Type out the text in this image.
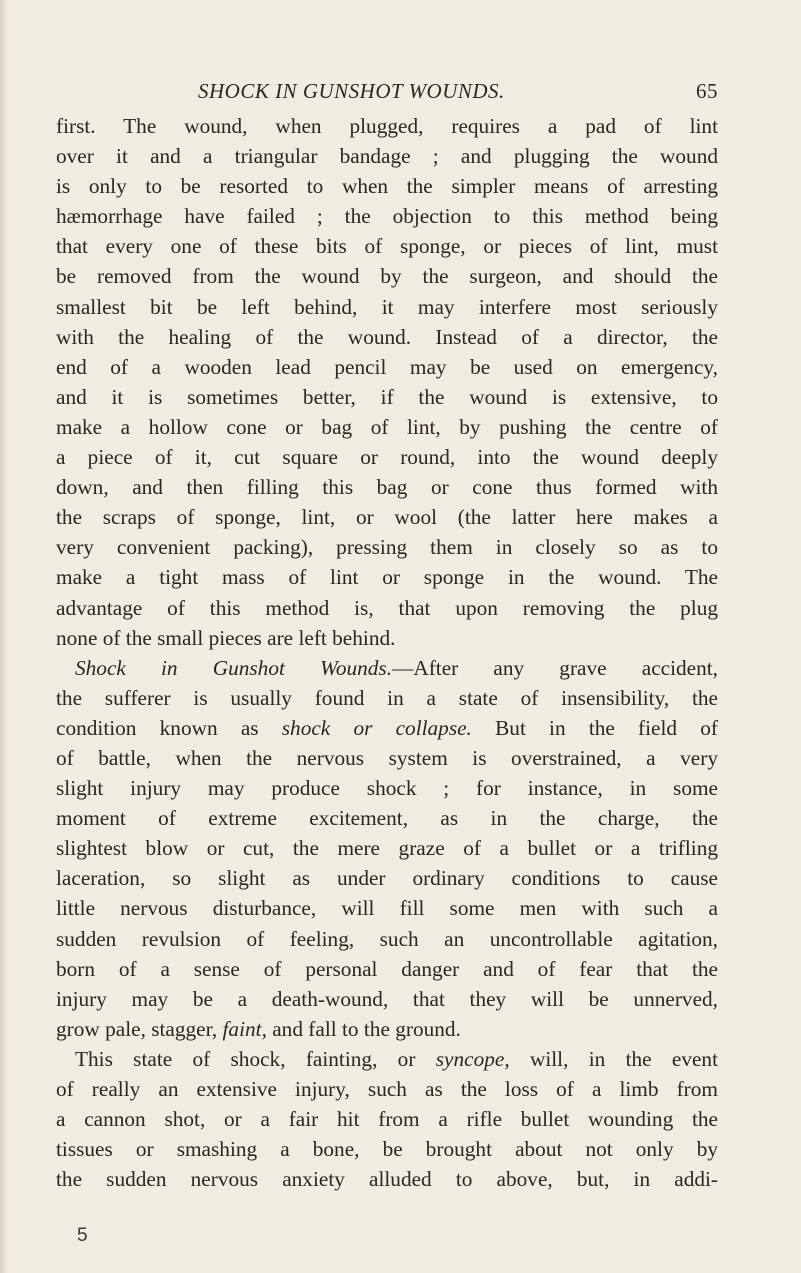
SHOCK IN GUNSHOT WOUNDS.	65
first. The wound, when plugged, requires a pad of lint
over it and a triangular bandage ; and plugging the wound
is only to be resorted to when the simpler means of arresting
hæmorrhage have failed ; the objection to this method being
that every one of these bits of sponge, or pieces of lint, must
be removed from the wound by the surgeon, and should the
smallest bit be left behind, it may interfere most seriously
with the healing of the wound. Instead of a director, the
end of a wooden lead pencil may be used on emergency,
and it is sometimes better, if the wound is extensive, to
make a hollow cone or bag of lint, by pushing the centre of
a piece of it, cut square or round, into the wound deeply
down, and then filling this bag or cone thus formed with
the scraps of sponge, lint, or wool (the latter here makes a
very convenient packing), pressing them in closely so as to
make a tight mass of lint or sponge in the wound. The
advantage of this method is, that upon removing the plug
none of the small pieces are left behind.
Shock in Gunshot Wounds.—After any grave accident,
the sufferer is usually found in a state of insensibility, the
condition known as shock or collapse. But in the field of
of battle, when the nervous system is overstrained, a very
slight injury may produce shock ; for instance, in some
moment of extreme excitement, as in the charge, the
slightest blow or cut, the mere graze of a bullet or a trifling
laceration, so slight as under ordinary conditions to cause
little nervous disturbance, will fill some men with such a
sudden revulsion of feeling, such an uncontrollable agitation,
born of a sense of personal danger and of fear that the
injury may be a death-wound, that they will be unnerved,
grow pale, stagger, faint, and fall to the ground.
This state of shock, fainting, or syncope, will, in the event
of really an extensive injury, such as the loss of a limb from
a cannon shot, or a fair hit from a rifle bullet wounding the
tissues or smashing a bone, be brought about not only by
the sudden nervous anxiety alluded to above, but, in addi-
5
